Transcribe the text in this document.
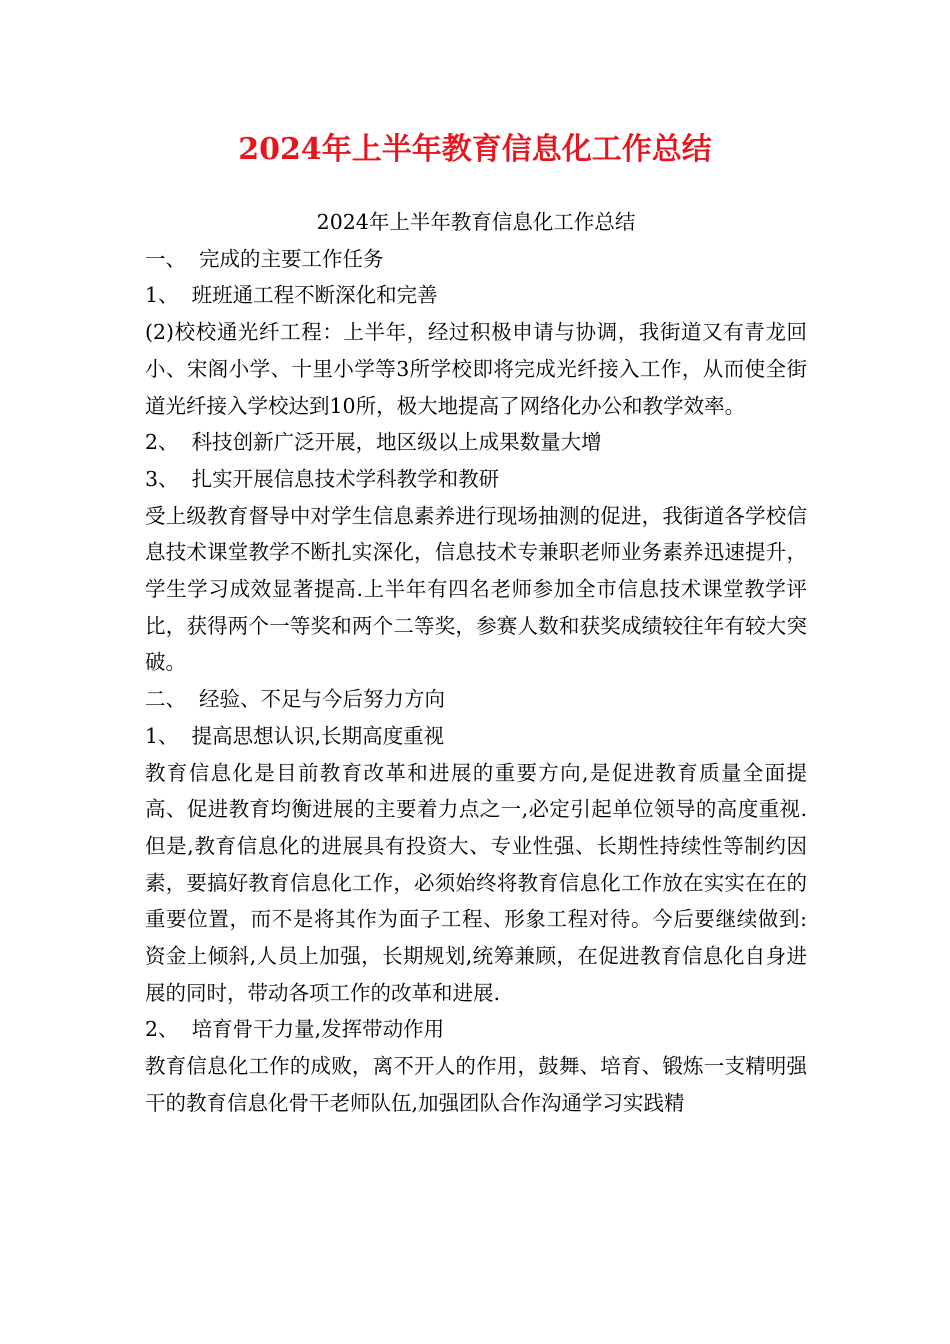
2024年上半年教育信息化工作总结

2024年上半年教育信息化工作总结

一、  完成的主要工作任务

1、  班班通工程不断深化和完善

(2)校校通光纤工程：上半年，经过积极申请与协调，我街道又有青龙回小、宋阁小学、十里小学等3所学校即将完成光纤接入工作，从而使全街道光纤接入学校达到10所，极大地提高了网络化办公和教学效率。

2、  科技创新广泛开展，地区级以上成果数量大增

3、  扎实开展信息技术学科教学和教研

受上级教育督导中对学生信息素养进行现场抽测的促进，我街道各学校信息技术课堂教学不断扎实深化，信息技术专兼职老师业务素养迅速提升，学生学习成效显著提高.上半年有四名老师参加全市信息技术课堂教学评比，获得两个一等奖和两个二等奖，参赛人数和获奖成绩较往年有较大突破。

二、  经验、不足与今后努力方向

1、  提高思想认识,长期高度重视

教育信息化是目前教育改革和进展的重要方向,是促进教育质量全面提高、促进教育均衡进展的主要着力点之一,必定引起单位领导的高度重视.但是,教育信息化的进展具有投资大、专业性强、长期性持续性等制约因素，要搞好教育信息化工作，必须始终将教育信息化工作放在实实在在的重要位置，而不是将其作为面子工程、形象工程对待。今后要继续做到:资金上倾斜,人员上加强，长期规划,统筹兼顾，在促进教育信息化自身进展的同时，带动各项工作的改革和进展.

2、  培育骨干力量,发挥带动作用

教育信息化工作的成败，离不开人的作用，鼓舞、培育、锻炼一支精明强干的教育信息化骨干老师队伍,加强团队合作沟通学习实践精
